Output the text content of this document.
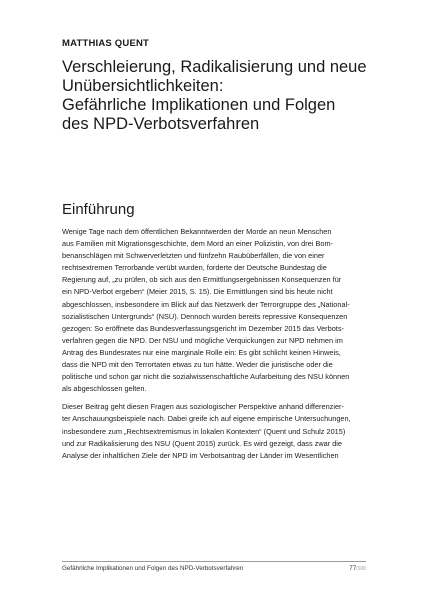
MATTHIAS QUENT
Verschleierung, Radikalisierung und neue
Unübersichtlichkeiten:
Gefährliche Implikationen und Folgen
des NPD-Verbotsverfahren
Einführung

Wenige Tage nach dem öffentlichen Bekanntwerden der Morde an neun Menschen
aus Familien mit Migrationsgeschichte, dem Mord an einer Polizistin, von drei Bom-
benanschlägen mit Schwerverletzten und fünfzehn Raubüberfällen, die von einer
rechtsextremen Terrorbande verübt wurden, forderte der Deutsche Bundestag die
Regierung auf, „zu prüfen, ob sich aus den Ermittlungsergebnissen Konsequenzen für
ein NPD-Verbot ergeben“ (Meier 2015, S. 15). Die Ermittlungen sind bis heute nicht
abgeschlossen, insbesondere im Blick auf das Netzwerk der Terrorgruppe des „National-
sozialistischen Untergrunds“ (NSU). Dennoch wurden bereits repressive Konsequenzen
gezogen: So eröffnete das Bundesverfassungsgericht im Dezember 2015 das Verbots-
verfahren gegen die NPD. Der NSU und mögliche Verquickungen zur NPD nehmen im
Antrag des Bundesrates nur eine marginale Rolle ein: Es gibt schlicht keinen Hinweis,
dass die NPD mit den Terrortaten etwas zu tun hätte. Weder die juristische oder die
politische und schon gar nicht die sozialwissenschaftliche Aufarbeitung des NSU können
als abgeschlossen gelten.

Dieser Beitrag geht diesen Fragen aus soziologischer Perspektive anhand differenzier-
ter Anschauungsbeispiele nach. Dabei greife ich auf eigene empirische Untersuchungen,
insbesondere zum „Rechtsextremismus in lokalen Kontexten“ (Quent und Schulz 2015)
und zur Radikalisierung des NSU (Quent 2015) zurück. Es wird gezeigt, dass zwar die
Analyse der inhaltlichen Ziele der NPD im Verbotsantrag der Länder im Wesentlichen

Gefährliche Implikationen und Folgen des NPD-Verbotsverfahren	77/100
